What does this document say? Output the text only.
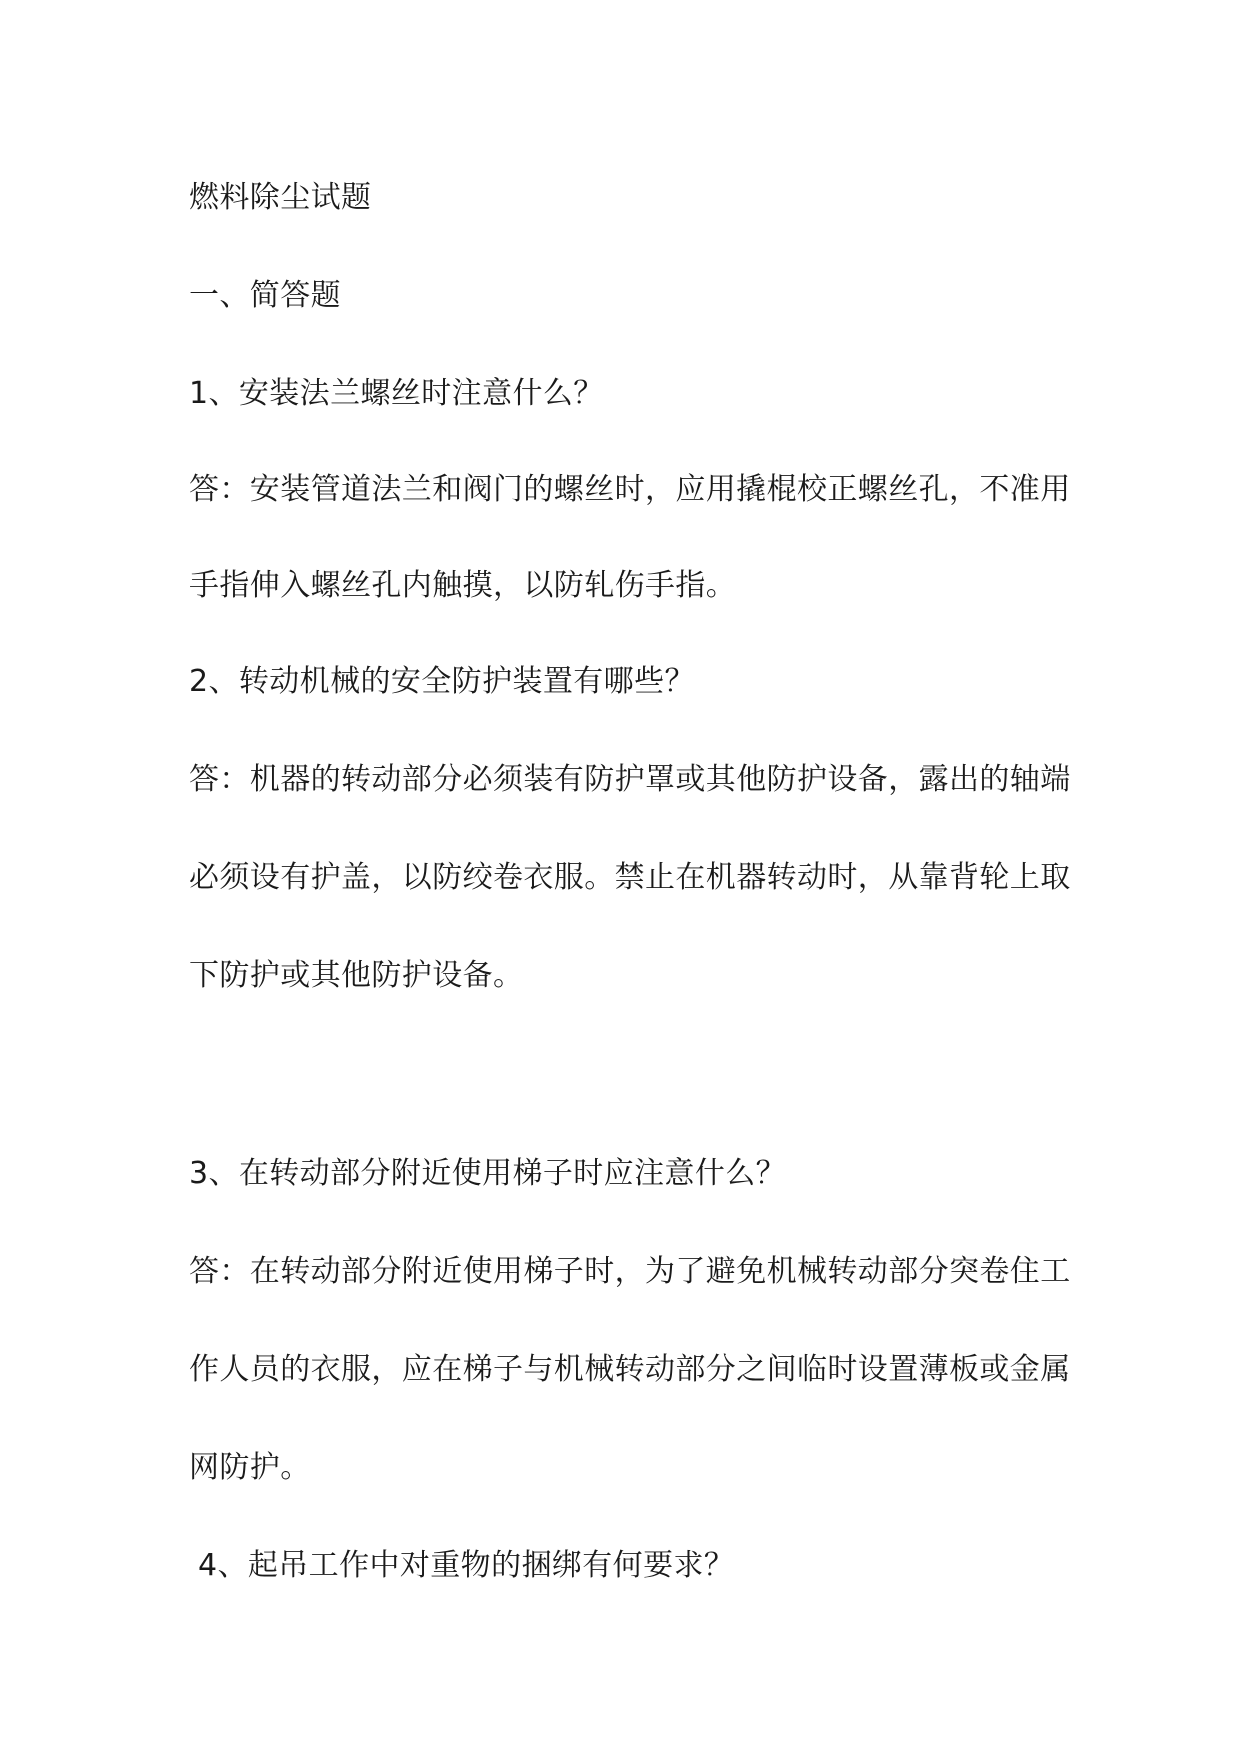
燃料除尘试题
一、简答题
1、安装法兰螺丝时注意什么？
答：安装管道法兰和阀门的螺丝时，应用撬棍校正螺丝孔，不准用
手指伸入螺丝孔内触摸，以防轧伤手指。
2、转动机械的安全防护装置有哪些？
答：机器的转动部分必须装有防护罩或其他防护设备，露出的轴端
必须设有护盖，以防绞卷衣服。禁止在机器转动时，从靠背轮上取
下防护或其他防护设备。
3、在转动部分附近使用梯子时应注意什么？
答：在转动部分附近使用梯子时，为了避免机械转动部分突卷住工
作人员的衣服，应在梯子与机械转动部分之间临时设置薄板或金属
网防护。
4、起吊工作中对重物的捆绑有何要求？
